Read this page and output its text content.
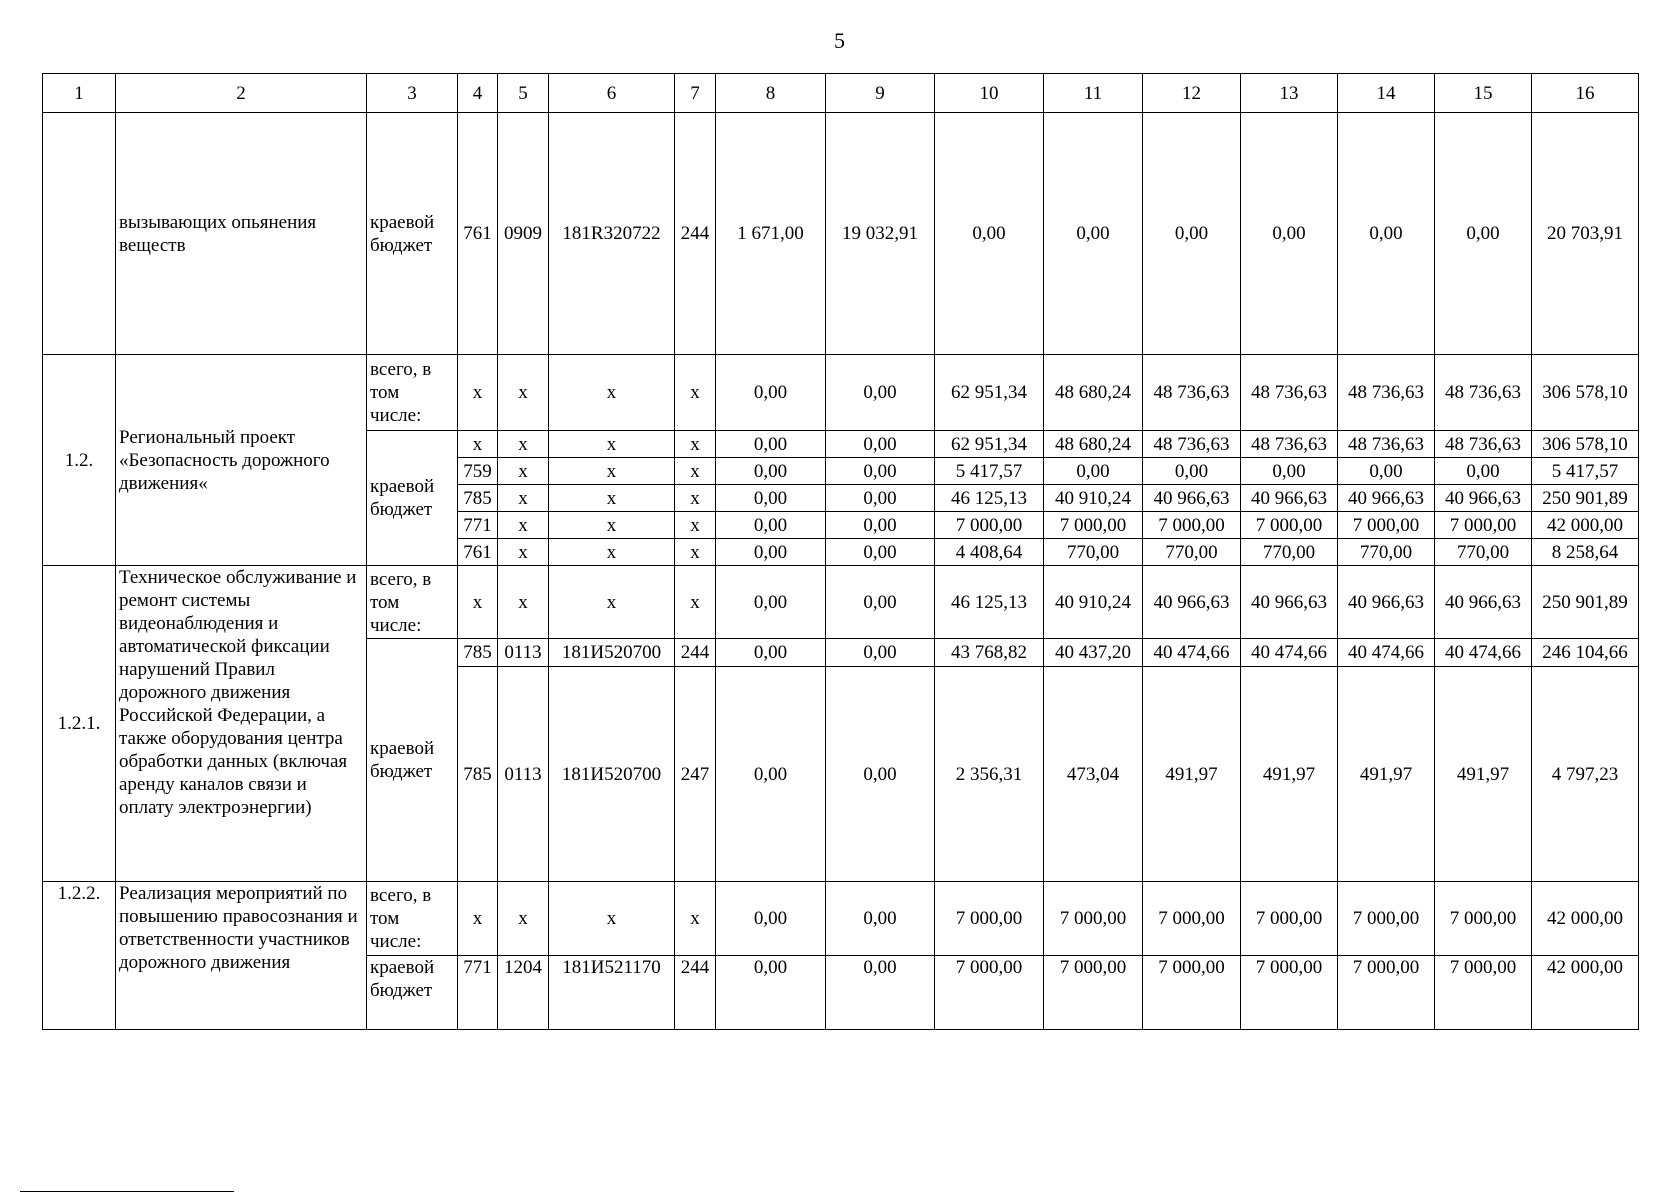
5
1	2	3	4	5	6	7	8	9	10	11	12	13	14	15	16
	вызывающих опьянения веществ	краевой бюджет	761	0909	181R320722	244	1 671,00	19 032,91	0,00	0,00	0,00	0,00	0,00	0,00	20 703,91
1.2.	Региональный проект «Безопасность дорожного движения«	всего, в том числе:	х	х	х	х	0,00	0,00	62 951,34	48 680,24	48 736,63	48 736,63	48 736,63	48 736,63	306 578,10
		краевой бюджет	х	х	х	х	0,00	0,00	62 951,34	48 680,24	48 736,63	48 736,63	48 736,63	48 736,63	306 578,10
			759	х	х	х	0,00	0,00	5 417,57	0,00	0,00	0,00	0,00	0,00	5 417,57
			785	х	х	х	0,00	0,00	46 125,13	40 910,24	40 966,63	40 966,63	40 966,63	40 966,63	250 901,89
			771	х	х	х	0,00	0,00	7 000,00	7 000,00	7 000,00	7 000,00	7 000,00	7 000,00	42 000,00
			761	х	х	х	0,00	0,00	4 408,64	770,00	770,00	770,00	770,00	770,00	8 258,64
1.2.1.	Техническое обслуживание и ремонт системы видеонаблюдения и автоматической фиксации нарушений Правил дорожного движения Российской Федерации, а также оборудования центра обработки данных (включая аренду каналов связи и оплату электроэнергии)	всего, в том числе:	х	х	х	х	0,00	0,00	46 125,13	40 910,24	40 966,63	40 966,63	40 966,63	40 966,63	250 901,89
		краевой бюджет	785	0113	181И520700	244	0,00	0,00	43 768,82	40 437,20	40 474,66	40 474,66	40 474,66	40 474,66	246 104,66
			785	0113	181И520700	247	0,00	0,00	2 356,31	473,04	491,97	491,97	491,97	491,97	4 797,23
1.2.2.	Реализация мероприятий по повышению правосознания и ответственности участников дорожного движения	всего, в том числе:	х	х	х	х	0,00	0,00	7 000,00	7 000,00	7 000,00	7 000,00	7 000,00	7 000,00	42 000,00
		краевой бюджет	771	1204	181И521170	244	0,00	0,00	7 000,00	7 000,00	7 000,00	7 000,00	7 000,00	7 000,00	42 000,00
